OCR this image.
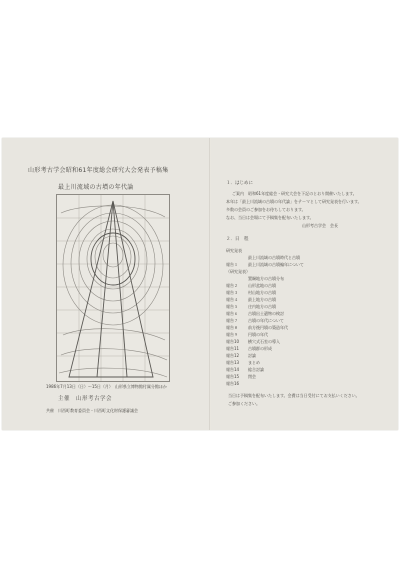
山形考古学会昭和61年度総会研究大会発表予稿集
最上川流域の古墳の年代論
1986年7月13日（日）～15日（月）　山形県立博物館付属分館ほか
主催　山形考古学会
共催　川西町教育委員会・川西町文化財保護審議会
１．はじめに
ご案内　昭和61年度総会・研究大会を下記のとおり開催いたします。
本年は「最上川流域の古墳の年代論」をテーマとして研究発表を行います。
多数の会員のご参加をお待ちしております。
なお、当日は会場にて予稿集を配布いたします。
山形考古学会　会長
２．日　程
研究発表
最上川流域の古墳時代と古墳
報告１	最上川流域の古墳編年について
（研究発表）
置賜地方の古墳分布
報告２	山形盆地の古墳
報告３	村山地方の古墳
報告４	最上地方の古墳
報告５	庄内地方の古墳
報告６	古墳出土遺物の検討
報告７	古墳の年代について
報告８	前方後円墳の築造年代
報告９	円墳の年代
報告10 横穴式石室の導入
報告11 古墳群の形成
報告12 討論
報告13 まとめ
報告14 総合討論
報告15 閉会
報告16
当日は予稿集を配布いたします。会費は当日受付にてお支払いください。
ご参加ください。
